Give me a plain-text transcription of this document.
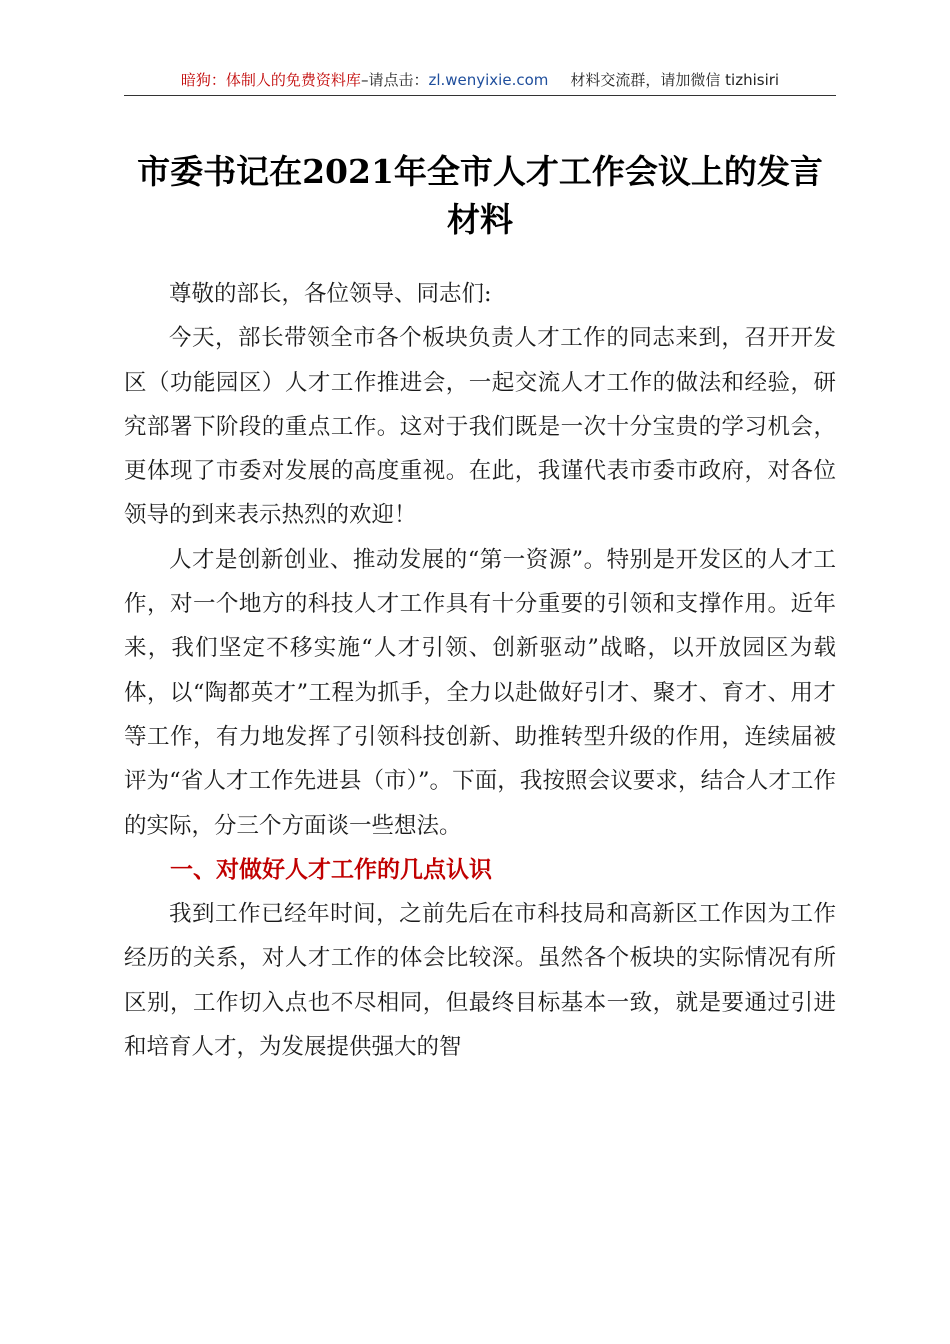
暗狗：体制人的免费资料库–请点击：zl.wenyixie.com 材料交流群，请加微信 tizhisiri
市委书记在2021年全市人才工作会议上的发言材料

尊敬的部长，各位领导、同志们:

今天，部长带领全市各个板块负责人才工作的同志来到，召开开发区（功能园区）人才工作推进会，一起交流人才工作的做法和经验，研究部署下阶段的重点工作。这对于我们既是一次十分宝贵的学习机会，更体现了市委对发展的高度重视。在此，我谨代表市委市政府，对各位领导的到来表示热烈的欢迎！

人才是创新创业、推动发展的“第一资源”。特别是开发区的人才工作，对一个地方的科技人才工作具有十分重要的引领和支撑作用。近年来，我们坚定不移实施“人才引领、创新驱动”战略，以开放园区为载体，以“陶都英才”工程为抓手，全力以赴做好引才、聚才、育才、用才等工作，有力地发挥了引领科技创新、助推转型升级的作用，连续届被评为“省人才工作先进县（市）”。下面，我按照会议要求，结合人才工作的实际，分三个方面谈一些想法。

一、对做好人才工作的几点认识

我到工作已经年时间，之前先后在市科技局和高新区工作因为工作经历的关系，对人才工作的体会比较深。虽然各个板块的实际情况有所区别，工作切入点也不尽相同，但最终目标基本一致，就是要通过引进和培育人才，为发展提供强大的智
